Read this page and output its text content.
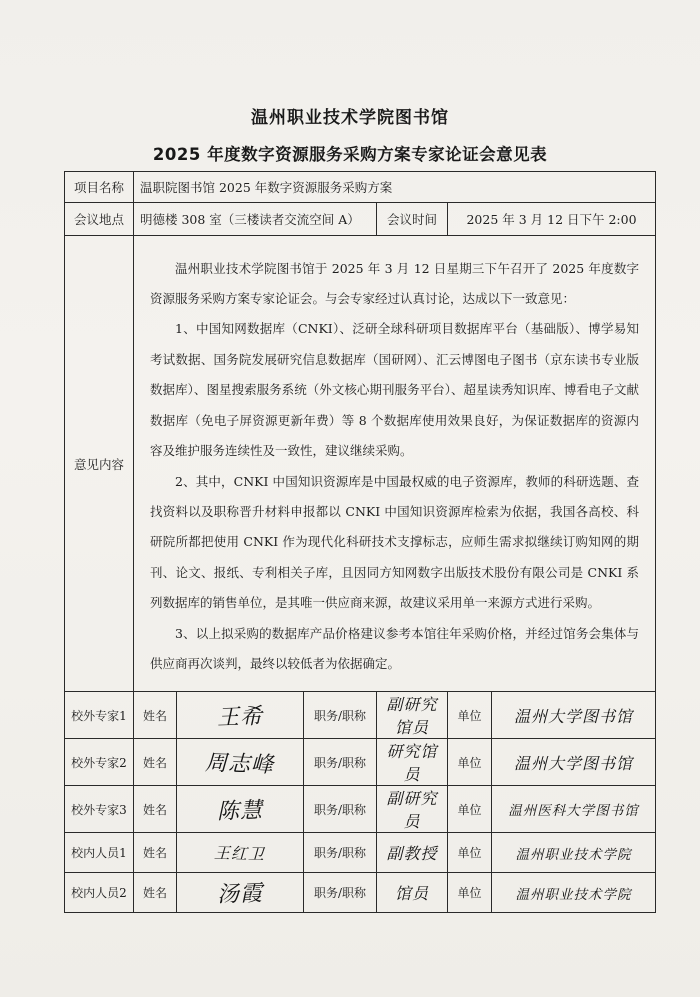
温州职业技术学院图书馆
2025 年度数字资源服务采购方案专家论证会意见表
项目名称	温职院图书馆 2025 年数字资源服务采购方案					
会议地点	明德楼 308 室（三楼读者交流空间 A）			会议时间	2025 年 3 月 12 日下午 2:00	
意见内容	温州职业技术学院图书馆于 2025 年 3 月 12 日星期三下午召开了 2025 年度数字资源服务采购方案专家论证会。与会专家经过认真讨论，达成以下一致意见：

1、中国知网数据库（CNKI）、泛研全球科研项目数据库平台（基础版）、博学易知考试数据、国务院发展研究信息数据库（国研网）、汇云博图电子图书（京东读书专业版数据库）、图星搜索服务系统（外文核心期刊服务平台）、超星读秀知识库、博看电子文献数据库（免电子屏资源更新年费）等 8 个数据库使用效果良好，为保证数据库的资源内容及维护服务连续性及一致性，建议继续采购。

2、其中，CNKI 中国知识资源库是中国最权威的电子资源库，教师的科研选题、查找资料以及职称晋升材料申报都以 CNKI 中国知识资源库检索为依据，我国各高校、科研院所都把使用 CNKI 作为现代化科研技术支撑标志，应师生需求拟继续订购知网的期刊、论文、报纸、专利相关子库，且因同方知网数字出版技术股份有限公司是 CNKI 系列数据库的销售单位，是其唯一供应商来源，故建议采用单一来源方式进行采购。

3、以上拟采购的数据库产品价格建议参考本馆往年采购价格，并经过馆务会集体与供应商再次谈判，最终以较低者为依据确定。					

校外专家1	姓名	王希	职务/职称	副研究馆员	单位	温州大学图书馆
校外专家2	姓名	周志峰	职务/职称	研究馆员	单位	温州大学图书馆
校外专家3	姓名	陈慧	职务/职称	副研究员	单位	温州医科大学图书馆
校内人员1	姓名	王红卫	职务/职称	副教授	单位	温州职业技术学院
校内人员2	姓名	汤霞	职务/职称	馆员	单位	温州职业技术学院
